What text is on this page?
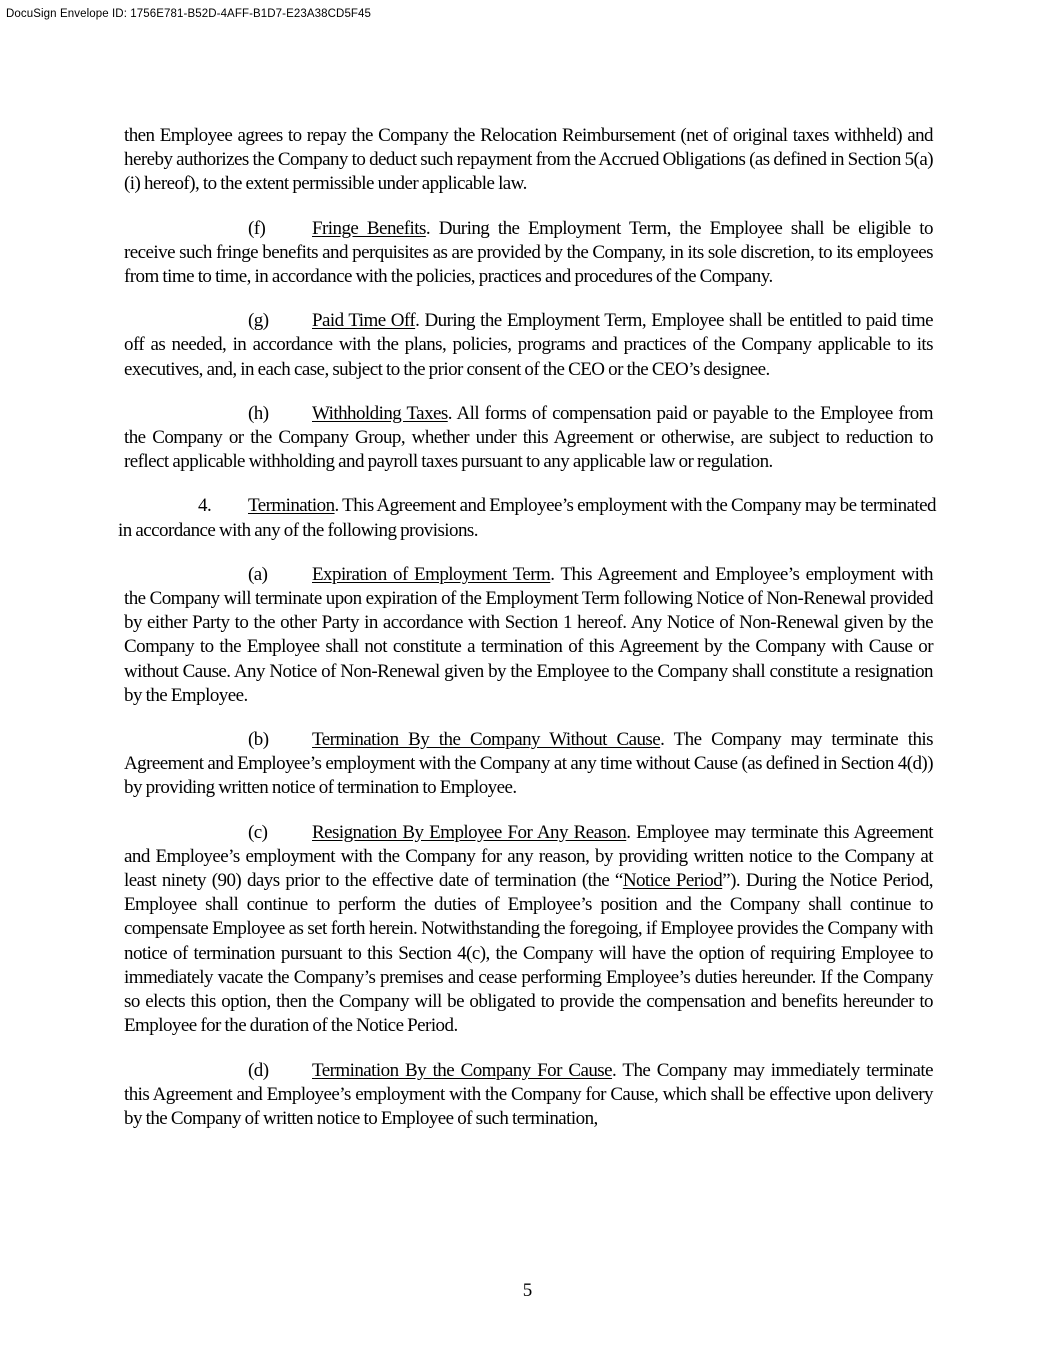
DocuSign Envelope ID: 1756E781-B52D-4AFF-B1D7-E23A38CD5F45

then Employee agrees to repay the Company the Relocation Reimbursement (net of original taxes withheld) and hereby authorizes the Company to deduct such repayment from the Accrued Obligations (as defined in Section 5(a)(i) hereof), to the extent permissible under applicable law.

(f) Fringe Benefits. During the Employment Term, the Employee shall be eligible to receive such fringe benefits and perquisites as are provided by the Company, in its sole discretion, to its employees from time to time, in accordance with the policies, practices and procedures of the Company.

(g) Paid Time Off. During the Employment Term, Employee shall be entitled to paid time off as needed, in accordance with the plans, policies, programs and practices of the Company applicable to its executives, and, in each case, subject to the prior consent of the CEO or the CEO’s designee.

(h) Withholding Taxes. All forms of compensation paid or payable to the Employee from the Company or the Company Group, whether under this Agreement or otherwise, are subject to reduction to reflect applicable withholding and payroll taxes pursuant to any applicable law or regulation.

4. Termination. This Agreement and Employee’s employment with the Company may be terminated in accordance with any of the following provisions.

(a) Expiration of Employment Term. This Agreement and Employee’s employment with the Company will terminate upon expiration of the Employment Term following Notice of Non-Renewal provided by either Party to the other Party in accordance with Section 1 hereof. Any Notice of Non-Renewal given by the Company to the Employee shall not constitute a termination of this Agreement by the Company with Cause or without Cause. Any Notice of Non-Renewal given by the Employee to the Company shall constitute a resignation by the Employee.

(b) Termination By the Company Without Cause. The Company may terminate this Agreement and Employee’s employment with the Company at any time without Cause (as defined in Section 4(d)) by providing written notice of termination to Employee.

(c) Resignation By Employee For Any Reason. Employee may terminate this Agreement and Employee’s employment with the Company for any reason, by providing written notice to the Company at least ninety (90) days prior to the effective date of termination (the “Notice Period”). During the Notice Period, Employee shall continue to perform the duties of Employee’s position and the Company shall continue to compensate Employee as set forth herein. Notwithstanding the foregoing, if Employee provides the Company with notice of termination pursuant to this Section 4(c), the Company will have the option of requiring Employee to immediately vacate the Company’s premises and cease performing Employee’s duties hereunder. If the Company so elects this option, then the Company will be obligated to provide the compensation and benefits hereunder to Employee for the duration of the Notice Period.

(d) Termination By the Company For Cause. The Company may immediately terminate this Agreement and Employee’s employment with the Company for Cause, which shall be effective upon delivery by the Company of written notice to Employee of such termination,

5
